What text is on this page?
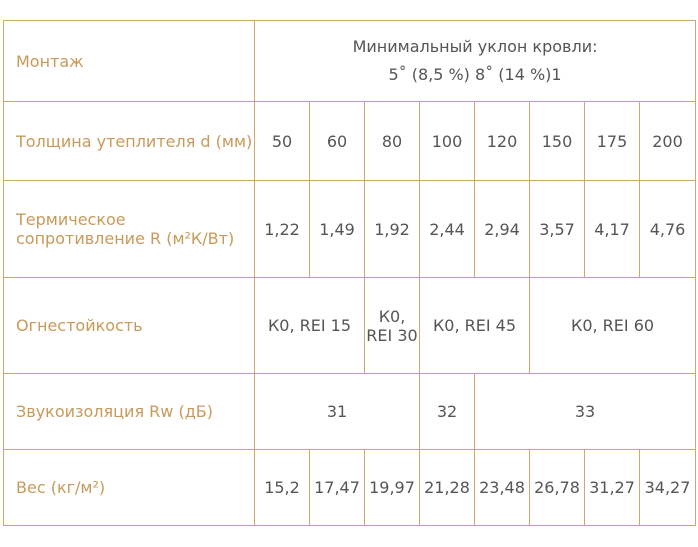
Монтаж	Минимальный уклон кровли:
5˚ (8,5 %) 8˚ (14 %)1							

Толщина утеплителя d (мм)	50	60	80	100	120	150	175	200
Термическое сопротивление R (м²К/Вт)	1,22	1,49	1,92	2,44	2,94	3,57	4,17	4,76
Огнестойкость	К0, REI 15		К0, REI 30	К0, REI 45		К0, REI 60		
Звукоизоляция Rw (дБ)	31			32	33			
Вес (кг/м²)	15,2	17,47	19,97	21,28	23,48	26,78	31,27	34,27
